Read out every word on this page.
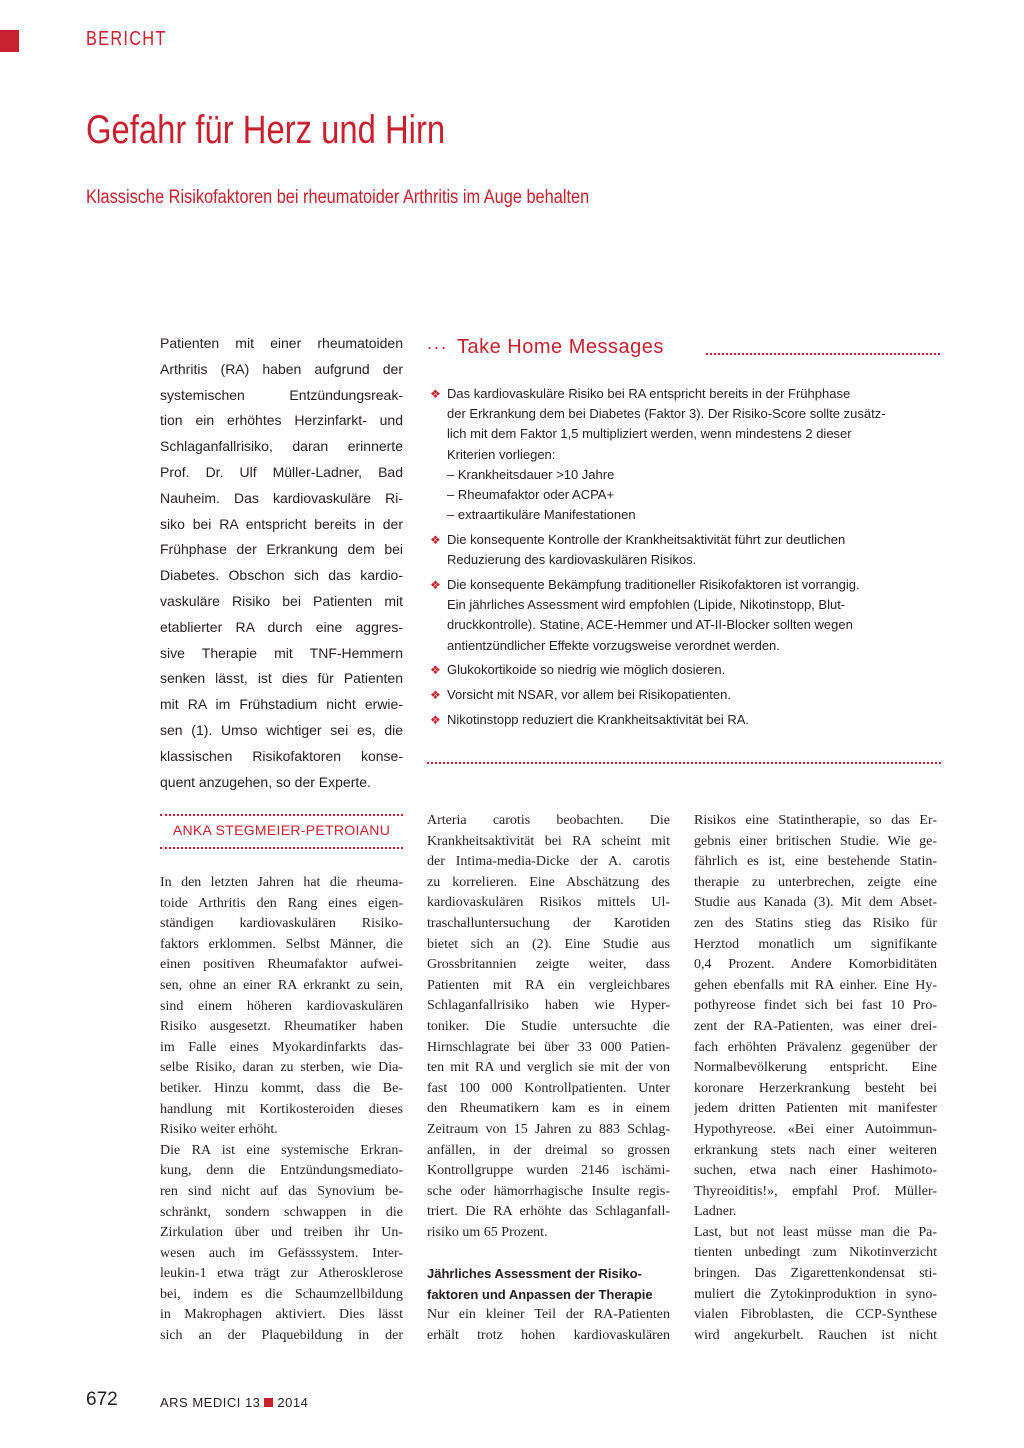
BERICHT
Gefahr für Herz und Hirn
Klassische Risikofaktoren bei rheumatoider Arthritis im Auge behalten
Patienten mit einer rheumatoiden
Arthritis (RA) haben aufgrund der
systemischen Entzündungsreak-
tion ein erhöhtes Herzinfarkt- und
Schlaganfallrisiko, daran erinnerte
Prof. Dr. Ulf Müller-Ladner, Bad
Nauheim. Das kardiovaskuläre Ri-
siko bei RA entspricht bereits in der
Frühphase der Erkrankung dem bei
Diabetes. Obschon sich das kardio-
vaskuläre Risiko bei Patienten mit
etablierter RA durch eine aggres-
sive Therapie mit TNF-Hemmern
senken lässt, ist dies für Patienten
mit RA im Frühstadium nicht erwie-
sen (1). Umso wichtiger sei es, die
klassischen Risikofaktoren konse-
quent anzugehen, so der Experte.
... Take Home Messages
❖ Das kardiovaskuläre Risiko bei RA entspricht bereits in der Frühphase
der Erkrankung dem bei Diabetes (Faktor 3). Der Risiko-Score sollte zusätz-
lich mit dem Faktor 1,5 multipliziert werden, wenn mindestens 2 dieser
Kriterien vorliegen:
– Krankheitsdauer >10 Jahre
– Rheumafaktor oder ACPA+
– extraartikuläre Manifestationen
❖ Die konsequente Kontrolle der Krankheitsaktivität führt zur deutlichen
Reduzierung des kardiovaskulären Risikos.
❖ Die konsequente Bekämpfung traditioneller Risikofaktoren ist vorrangig.
Ein jährliches Assessment wird empfohlen (Lipide, Nikotinstopp, Blut-
druckkontrolle). Statine, ACE-Hemmer und AT-II-Blocker sollten wegen
antientzündlicher Effekte vorzugsweise verordnet werden.
❖ Glukokortikoide so niedrig wie möglich dosieren.
❖ Vorsicht mit NSAR, vor allem bei Risikopatienten.
❖ Nikotinstopp reduziert die Krankheitsaktivität bei RA.
ANKA STEGMEIER-PETROIANU
In den letzten Jahren hat die rheuma-
toide Arthritis den Rang eines eigen-
ständigen kardiovaskulären Risiko-
faktors erklommen. Selbst Männer, die
einen positiven Rheumafaktor aufwei-
sen, ohne an einer RA erkrankt zu sein,
sind einem höheren kardiovaskulären
Risiko ausgesetzt. Rheumatiker haben
im Falle eines Myokardinfarkts das-
selbe Risiko, daran zu sterben, wie Dia-
betiker. Hinzu kommt, dass die Be-
handlung mit Kortikosteroiden dieses
Risiko weiter erhöht.
Die RA ist eine systemische Erkran-
kung, denn die Entzündungsmediato-
ren sind nicht auf das Synovium be-
schränkt, sondern schwappen in die
Zirkulation über und treiben ihr Un-
wesen auch im Gefässsystem. Inter-
leukin-1 etwa trägt zur Atherosklerose
bei, indem es die Schaumzellbildung
in Makrophagen aktiviert. Dies lässt
sich an der Plaquebildung in der
Arteria carotis beobachten. Die
Krankheitsaktivität bei RA scheint mit
der Intima-media-Dicke der A. carotis
zu korrelieren. Eine Abschätzung des
kardiovaskulären Risikos mittels Ul-
traschalluntersuchung der Karotiden
bietet sich an (2). Eine Studie aus
Grossbritannien zeigte weiter, dass
Patienten mit RA ein vergleichbares
Schlaganfallrisiko haben wie Hyper-
toniker. Die Studie untersuchte die
Hirnschlagrate bei über 33 000 Patien-
ten mit RA und verglich sie mit der von
fast 100 000 Kontrollpatienten. Unter
den Rheumatikern kam es in einem
Zeitraum von 15 Jahren zu 883 Schlag-
anfällen, in der dreimal so grossen
Kontrollgruppe wurden 2146 ischämi-
sche oder hämorrhagische Insulte regis-
triert. Die RA erhöhte das Schlaganfall-
risiko um 65 Prozent.
Jährliches Assessment der Risiko-
faktoren und Anpassen der Therapie
Nur ein kleiner Teil der RA-Patienten
erhält trotz hohen kardiovaskulären
Risikos eine Statintherapie, so das Er-
gebnis einer britischen Studie. Wie ge-
fährlich es ist, eine bestehende Statin-
therapie zu unterbrechen, zeigte eine
Studie aus Kanada (3). Mit dem Abset-
zen des Statins stieg das Risiko für
Herztod monatlich um signifikante
0,4 Prozent. Andere Komorbiditäten
gehen ebenfalls mit RA einher. Eine Hy-
pothyreose findet sich bei fast 10 Pro-
zent der RA-Patienten, was einer drei-
fach erhöhten Prävalenz gegenüber der
Normalbevölkerung entspricht. Eine
koronare Herzerkrankung besteht bei
jedem dritten Patienten mit manifester
Hypothyreose. «Bei einer Autoimmun-
erkrankung stets nach einer weiteren
suchen, etwa nach einer Hashimoto-
Thyreoiditis!», empfahl Prof. Müller-
Ladner.
Last, but not least müsse man die Pa-
tienten unbedingt zum Nikotinverzicht
bringen. Das Zigarettenkondensat sti-
muliert die Zytokinproduktion in syno-
vialen Fibroblasten, die CCP-Synthese
wird angekurbelt. Rauchen ist nicht
672	ARS MEDICI 13 2014
